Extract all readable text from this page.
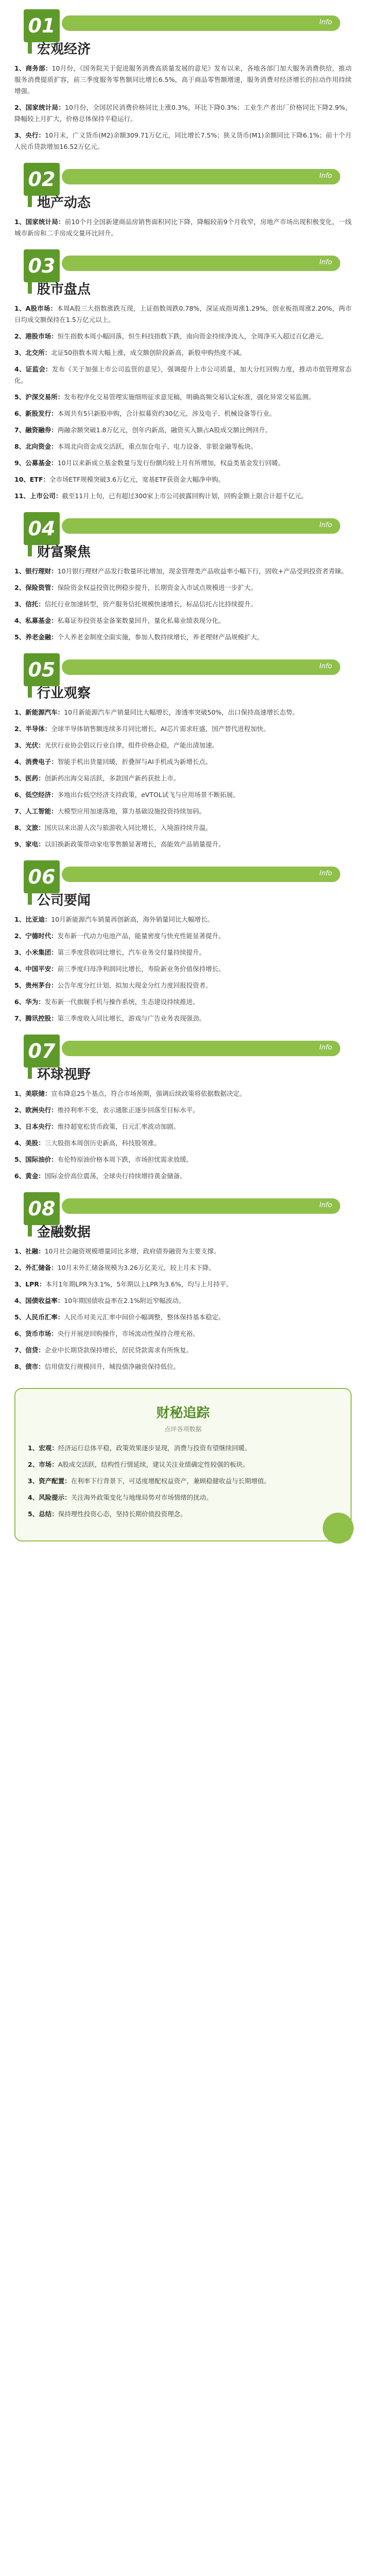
01	Info
宏观经济

1、商务部：10月份，《国务院关于促进服务消费高质量发展的意见》发布以来，各地各部门加大服务消费供给，推动服务消费提质扩容，前三季度服务零售额同比增长6.5%，高于商品零售额增速，服务消费对经济增长的拉动作用持续增强。

2、国家统计局：10月份，全国居民消费价格同比上涨0.3%，环比下降0.3%；工业生产者出厂价格同比下降2.9%，降幅较上月扩大，价格总体保持平稳运行。

3、央行：10月末，广义货币(M2)余额309.71万亿元，同比增长7.5%；狭义货币(M1)余额同比下降6.1%；前十个月人民币贷款增加16.52万亿元。

02	Info
地产动态

1、国家统计局：前10个月全国新建商品房销售面积同比下降，降幅较前9个月收窄，房地产市场出现积极变化，一线城市新房和二手房成交量环比回升。

03	Info
股市盘点

1、A股市场：本周A股三大指数涨跌互现，上证指数周跌0.78%，深证成指周涨1.29%，创业板指周涨2.20%，两市日均成交额保持在1.5万亿元以上。

2、港股市场：恒生指数本周小幅回落，恒生科技指数下跌，南向资金持续净流入，全周净买入超过百亿港元。

3、北交所：北证50指数本周大幅上涨，成交额创阶段新高，新股申购热度不减。

4、证监会：发布《关于加强上市公司监管的意见》，强调提升上市公司质量，加大分红回购力度，推动市值管理常态化。

5、沪深交易所：发布程序化交易管理实施细则征求意见稿，明确高频交易认定标准，强化异常交易监测。

6、新股发行：本周共有5只新股申购，合计拟募资约30亿元，涉及电子、机械设备等行业。

7、融资融券：两融余额突破1.8万亿元，创年内新高，融资买入额占A股成交额比例回升。

8、北向资金：本周北向资金成交活跃，重点加仓电子、电力设备、非银金融等板块。

9、公募基金：10月以来新成立基金数量与发行份额均较上月有所增加，权益类基金发行回暖。

10、ETF：全市场ETF规模突破3.6万亿元，宽基ETF获资金大幅净申购。

11、上市公司：截至11月上旬，已有超过300家上市公司披露回购计划，回购金额上限合计超千亿元。

04	Info
财富聚焦

1、银行理财：10月银行理财产品发行数量环比增加，现金管理类产品收益率小幅下行，固收+产品受到投资者青睐。

2、保险资管：保险资金权益投资比例稳步提升，长期资金入市试点规模进一步扩大。

3、信托：信托行业加速转型，资产服务信托规模快速增长，标品信托占比持续提升。

4、私募基金：私募证券投资基金备案数量回升，量化私募业绩表现分化。

5、养老金融：个人养老金制度全面实施，参加人数持续增长，养老理财产品规模扩大。

05	Info
行业观察

1、新能源汽车：10月新能源汽车产销量同比大幅增长，渗透率突破50%，出口保持高速增长态势。

2、半导体：全球半导体销售额连续多月同比增长，AI芯片需求旺盛，国产替代进程加快。

3、光伏：光伏行业协会倡议行业自律，组件价格企稳，产能出清加速。

4、消费电子：智能手机出货量回暖，折叠屏与AI手机成为新增长点。

5、医药：创新药出海交易活跃，多款国产新药获批上市。

6、低空经济：多地出台低空经济支持政策，eVTOL试飞与应用场景不断拓展。

7、人工智能：大模型应用加速落地，算力基础设施投资持续加码。

8、文旅：国庆以来出游人次与旅游收入同比增长，入境游持续升温。

9、家电：以旧换新政策带动家电零售额显著增长，高能效产品销量提升。

06	Info
公司要闻

1、比亚迪：10月新能源汽车销量再创新高，海外销量同比大幅增长。

2、宁德时代：发布新一代动力电池产品，能量密度与快充性能显著提升。

3、小米集团：第三季度营收同比增长，汽车业务交付量持续提升。

4、中国平安：前三季度归母净利润同比增长，寿险新业务价值保持增长。

5、贵州茅台：公告年度分红计划，拟加大现金分红力度回报投资者。

6、华为：发布新一代旗舰手机与操作系统，生态建设持续推进。

7、腾讯控股：第三季度收入同比增长，游戏与广告业务表现强劲。

07	Info
环球视野

1、美联储：宣布降息25个基点，符合市场预期，强调后续政策将依据数据决定。

2、欧洲央行：维持利率不变，表示通胀正逐步回落至目标水平。

3、日本央行：维持超宽松货币政策，日元汇率波动加剧。

4、美股：三大股指本周创历史新高，科技股领涨。

5、国际油价：布伦特原油价格本周下跌，市场担忧需求放缓。

6、黄金：国际金价高位震荡，全球央行持续增持黄金储备。

08	Info
金融数据

1、社融：10月社会融资规模增量同比多增，政府债券融资为主要支撑。

2、外汇储备：10月末外汇储备规模为3.26万亿美元，较上月末下降。

3、LPR：本月1年期LPR为3.1%，5年期以上LPR为3.6%，均与上月持平。

4、国债收益率：10年期国债收益率在2.1%附近窄幅波动。

5、人民币汇率：人民币对美元汇率中间价小幅调整，整体保持基本稳定。

6、货币市场：央行开展逆回购操作，市场流动性保持合理充裕。

7、信贷：企业中长期贷款保持增长，居民贷款需求有所恢复。

8、债市：信用债发行规模回升，城投债净融资保持低位。

财秘追踪
点评各项数据

1、宏观：经济运行总体平稳，政策效果逐步显现，消费与投资有望继续回暖。

2、市场：A股成交活跃，结构性行情延续，建议关注业绩确定性较强的板块。

3、资产配置：在利率下行背景下，可适度增配权益资产，兼顾稳健收益与长期增值。

4、风险提示：关注海外政策变化与地缘局势对市场情绪的扰动。

5、总结：保持理性投资心态，坚持长期价值投资理念。
